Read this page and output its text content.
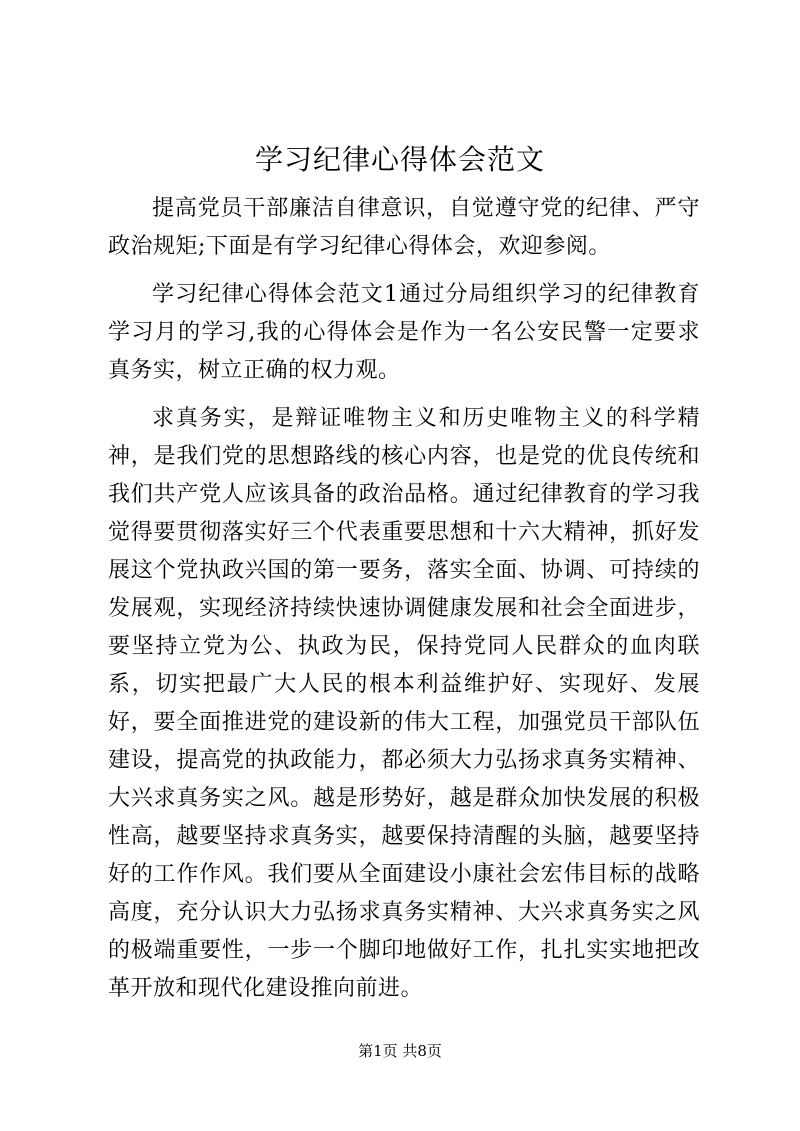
学习纪律心得体会范文

提高党员干部廉洁自律意识，自觉遵守党的纪律、严守政治规矩;下面是有学习纪律心得体会，欢迎参阅。

学习纪律心得体会范文1通过分局组织学习的纪律教育学习月的学习,我的心得体会是作为一名公安民警一定要求真务实，树立正确的权力观。

求真务实，是辩证唯物主义和历史唯物主义的科学精神，是我们党的思想路线的核心内容，也是党的优良传统和我们共产党人应该具备的政治品格。通过纪律教育的学习我觉得要贯彻落实好三个代表重要思想和十六大精神，抓好发展这个党执政兴国的第一要务，落实全面、协调、可持续的发展观，实现经济持续快速协调健康发展和社会全面进步，要坚持立党为公、执政为民，保持党同人民群众的血肉联系，切实把最广大人民的根本利益维护好、实现好、发展好，要全面推进党的建设新的伟大工程，加强党员干部队伍建设，提高党的执政能力，都必须大力弘扬求真务实精神、大兴求真务实之风。越是形势好，越是群众加快发展的积极性高，越要坚持求真务实，越要保持清醒的头脑，越要坚持好的工作作风。我们要从全面建设小康社会宏伟目标的战略高度，充分认识大力弘扬求真务实精神、大兴求真务实之风的极端重要性，一步一个脚印地做好工作，扎扎实实地把改革开放和现代化建设推向前进。

第1页 共8页
